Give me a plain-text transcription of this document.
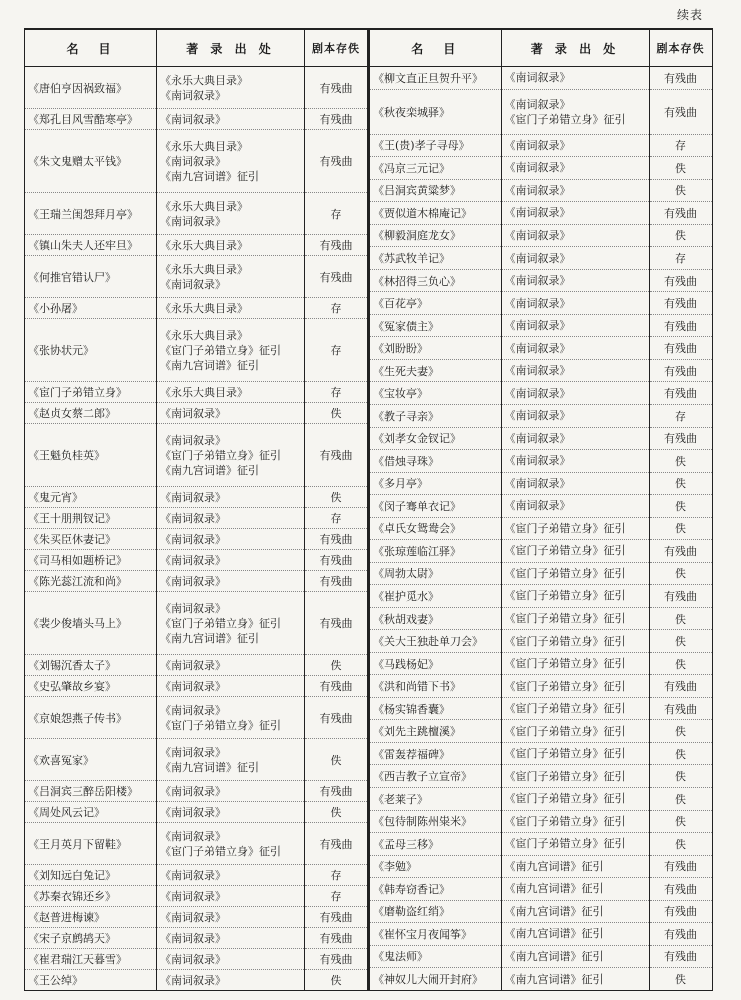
续表
名　目	著 录 出 处	剧本存佚
《唐伯亨因祸致福》	《永乐大典目录》
《南词叙录》	有残曲
《郑孔目风雪酷寒亭》	《南词叙录》	有残曲
《朱文鬼赠太平钱》	《永乐大典目录》
《南词叙录》
《南九宫词谱》征引	有残曲
《王瑞兰闺怨拜月亭》	《永乐大典目录》
《南词叙录》	存
《镇山朱夫人还牢旦》	《永乐大典目录》	有残曲
《何推官错认尸》	《永乐大典目录》
《南词叙录》	有残曲
《小孙屠》	《永乐大典目录》	存
《张协状元》	《永乐大典目录》
《宦门子弟错立身》征引
《南九宫词谱》征引	存
《宦门子弟错立身》	《永乐大典目录》	存
《赵贞女蔡二郎》	《南词叙录》	佚
《王魁负桂英》	《南词叙录》
《宦门子弟错立身》征引
《南九宫词谱》征引	有残曲
《鬼元宵》	《南词叙录》	佚
《王十朋荆钗记》	《南词叙录》	存
《朱买臣休妻记》	《南词叙录》	有残曲
《司马相如题桥记》	《南词叙录》	有残曲
《陈光蕊江流和尚》	《南词叙录》	有残曲
《裴少俊墙头马上》	《南词叙录》
《宦门子弟错立身》征引
《南九宫词谱》征引	有残曲
《刘锡沉香太子》	《南词叙录》	佚
《史弘肇故乡宴》	《南词叙录》	有残曲
《京娘怨燕子传书》	《南词叙录》
《宦门子弟错立身》征引	有残曲
《欢喜冤家》	《南词叙录》
《南九宫词谱》征引	佚
《吕洞宾三醉岳阳楼》	《南词叙录》	有残曲
《周处风云记》	《南词叙录》	佚
《王月英月下留鞋》	《南词叙录》
《宦门子弟错立身》征引	有残曲
《刘知远白兔记》	《南词叙录》	存
《苏秦衣锦还乡》	《南词叙录》	存
《赵普进梅谏》	《南词叙录》	有残曲
《宋子京鹧鸪天》	《南词叙录》	有残曲
《崔君瑞江天暮雪》	《南词叙录》	有残曲
《王公绰》	《南词叙录》	佚
名　目	著 录 出 处	剧本存佚
《柳文直正旦贺升平》	《南词叙录》	有残曲
《秋夜栾城驿》	《南词叙录》
《宦门子弟错立身》征引	有残曲
《王(贵)孝子寻母》	《南词叙录》	存
《冯京三元记》	《南词叙录》	佚
《吕洞宾黄粱梦》	《南词叙录》	佚
《贾似道木棉庵记》	《南词叙录》	有残曲
《柳毅洞庭龙女》	《南词叙录》	佚
《苏武牧羊记》	《南词叙录》	存
《林招得三负心》	《南词叙录》	有残曲
《百花亭》	《南词叙录》	有残曲
《冤家债主》	《南词叙录》	有残曲
《刘盼盼》	《南词叙录》	有残曲
《生死夫妻》	《南词叙录》	有残曲
《宝妆亭》	《南词叙录》	有残曲
《教子寻亲》	《南词叙录》	存
《刘孝女金钗记》	《南词叙录》	有残曲
《借烛寻珠》	《南词叙录》	佚
《多月亭》	《南词叙录》	佚
《闵子骞单衣记》	《南词叙录》	佚
《卓氏女鸳鸯会》	《宦门子弟错立身》征引	佚
《张琼莲临江驿》	《宦门子弟错立身》征引	有残曲
《周勃太尉》	《宦门子弟错立身》征引	佚
《崔护觅水》	《宦门子弟错立身》征引	有残曲
《秋胡戏妻》	《宦门子弟错立身》征引	佚
《关大王独赴单刀会》	《宦门子弟错立身》征引	佚
《马践杨妃》	《宦门子弟错立身》征引	佚
《洪和尚错下书》	《宦门子弟错立身》征引	有残曲
《杨实锦香囊》	《宦门子弟错立身》征引	有残曲
《刘先主跳檀溪》	《宦门子弟错立身》征引	佚
《雷轰荐福碑》	《宦门子弟错立身》征引	佚
《西吉教子立宣帝》	《宦门子弟错立身》征引	佚
《老莱子》	《宦门子弟错立身》征引	佚
《包待制陈州粜米》	《宦门子弟错立身》征引	佚
《孟母三移》	《宦门子弟错立身》征引	佚
《李勉》	《南九宫词谱》征引	有残曲
《韩寿窃香记》	《南九宫词谱》征引	有残曲
《磨勒盗红绡》	《南九宫词谱》征引	有残曲
《崔怀宝月夜闻筝》	《南九宫词谱》征引	有残曲
《鬼法师》	《南九宫词谱》征引	有残曲
《神奴儿大闹开封府》	《南九宫词谱》征引	佚
